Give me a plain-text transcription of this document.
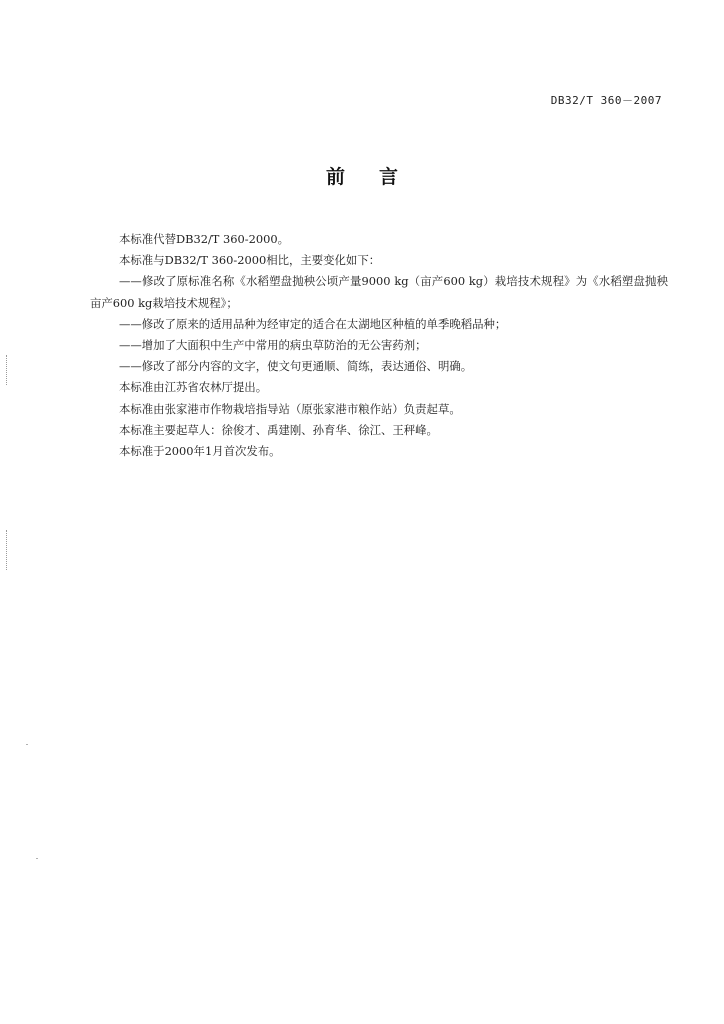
DB32/T 360－2007
前言

本标准代替DB32/T 360-2000。

本标准与DB32/T 360-2000相比，主要变化如下：

——修改了原标准名称《水稻塑盘抛秧公顷产量9000 kg（亩产600 kg）栽培技术规程》为《水稻塑盘抛秧亩产600 kg栽培技术规程》；

——修改了原来的适用品种为经审定的适合在太湖地区种植的单季晚稻品种；

——增加了大面积中生产中常用的病虫草防治的无公害药剂；

——修改了部分内容的文字，使文句更通顺、简练，表达通俗、明确。

本标准由江苏省农林厅提出。

本标准由张家港市作物栽培指导站（原张家港市粮作站）负责起草。

本标准主要起草人：徐俊才、禹建刚、孙育华、徐江、王秤峰。

本标准于2000年1月首次发布。
